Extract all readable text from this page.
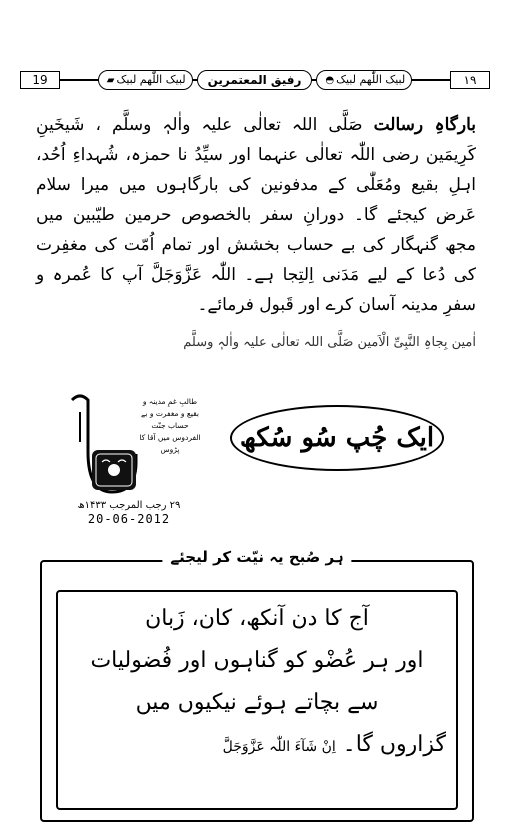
19	▰ لبیک اللّٰھم لبیک	رفیق المعتمرین	◓ لبیک اللّٰھم لبیک	١٩

بارگاہِ رسالت صَلَّی اللہ تعالٰی علیہ واٰلہٖ وسلَّم ، شَیخَینِ کَرِیمَین رضی اللّٰہ تعالٰی عنہما اور سیِّدُ نا حمزہ، شُہداءِ اُحُد، اہلِ بقیع ومُعَلّٰی کے مدفونین کی بارگاہوں میں میرا سلام عَرض کیجئے گا۔ دورانِ سفر بالخصوص حرمین طیّبین میں مجھ گنہگار کی بے حساب بخشش اور تمام اُمّت کی مغفِرت کی دُعا کے لیے مَدَنی اِلتِجا ہے۔ اللّٰہ عَزَّوَجَلَّ آپ کا عُمرہ و سفرِ مدینہ آسان کرے اور قَبول فرمائے۔

اٰمین بِجاہِ النَّبِیِّ الْاَمین صَلَّی اللہ تعالٰی علیہ واٰلہٖ وسلَّم
طالبِ غمِ مدینہ و بقیع و مغفرت و بے حساب جنّت الفردوس میں آقا کا پڑوس
۲۹ رجب المرجب ۱۴۳۳ھ
20-06-2012
ایک چُپ سُو سُکھ
ہر صُبح یہ نیّت کر لیجئے
آج کا دن آنکھ، کان، زَبان
اور ہر عُضْو کو گناہوں اور فُضولیات
سے بچاتے ہوئے نیکیوں میں
گزاروں گا۔ اِنْ شَآءَ اللّٰہ عَزَّوَجَلَّ
